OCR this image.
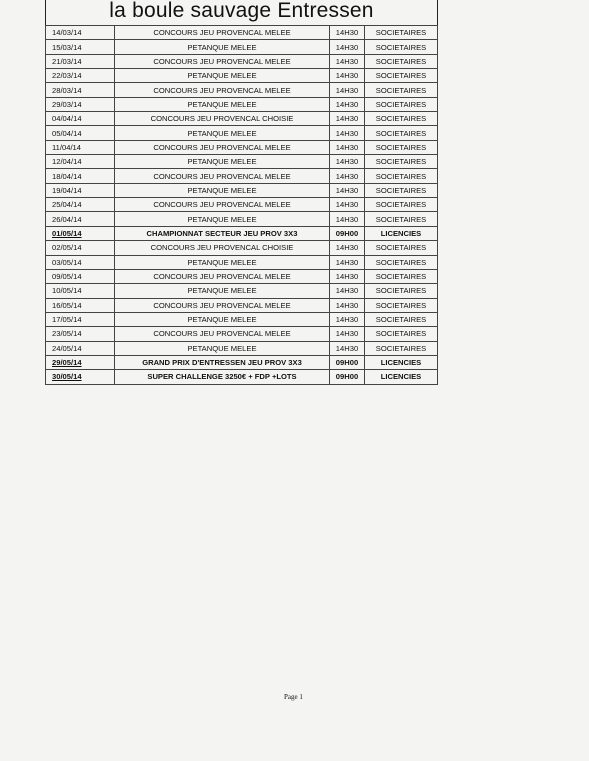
la boule sauvage Entressen
14/03/14	CONCOURS JEU PROVENCAL MELEE	14H30	SOCIETAIRES
15/03/14	PETANQUE MELEE	14H30	SOCIETAIRES
21/03/14	CONCOURS JEU PROVENCAL MELEE	14H30	SOCIETAIRES
22/03/14	PETANQUE MELEE	14H30	SOCIETAIRES
28/03/14	CONCOURS JEU PROVENCAL MELEE	14H30	SOCIETAIRES
29/03/14	PETANQUE MELEE	14H30	SOCIETAIRES
04/04/14	CONCOURS JEU PROVENCAL CHOISIE	14H30	SOCIETAIRES
05/04/14	PETANQUE MELEE	14H30	SOCIETAIRES
11/04/14	CONCOURS JEU PROVENCAL MELEE	14H30	SOCIETAIRES
12/04/14	PETANQUE MELEE	14H30	SOCIETAIRES
18/04/14	CONCOURS JEU PROVENCAL MELEE	14H30	SOCIETAIRES
19/04/14	PETANQUE MELEE	14H30	SOCIETAIRES
25/04/14	CONCOURS JEU PROVENCAL MELEE	14H30	SOCIETAIRES
26/04/14	PETANQUE MELEE	14H30	SOCIETAIRES
01/05/14	CHAMPIONNAT SECTEUR JEU PROV 3X3	09H00	LICENCIES
02/05/14	CONCOURS JEU PROVENCAL CHOISIE	14H30	SOCIETAIRES
03/05/14	PETANQUE MELEE	14H30	SOCIETAIRES
09/05/14	CONCOURS JEU PROVENCAL MELEE	14H30	SOCIETAIRES
10/05/14	PETANQUE MELEE	14H30	SOCIETAIRES
16/05/14	CONCOURS JEU PROVENCAL MELEE	14H30	SOCIETAIRES
17/05/14	PETANQUE MELEE	14H30	SOCIETAIRES
23/05/14	CONCOURS JEU PROVENCAL MELEE	14H30	SOCIETAIRES
24/05/14	PETANQUE MELEE	14H30	SOCIETAIRES
29/05/14	GRAND PRIX D'ENTRESSEN JEU PROV 3X3	09H00	LICENCIES
30/05/14	SUPER CHALLENGE 3250€ + FDP +LOTS	09H00	LICENCIES
Page 1
